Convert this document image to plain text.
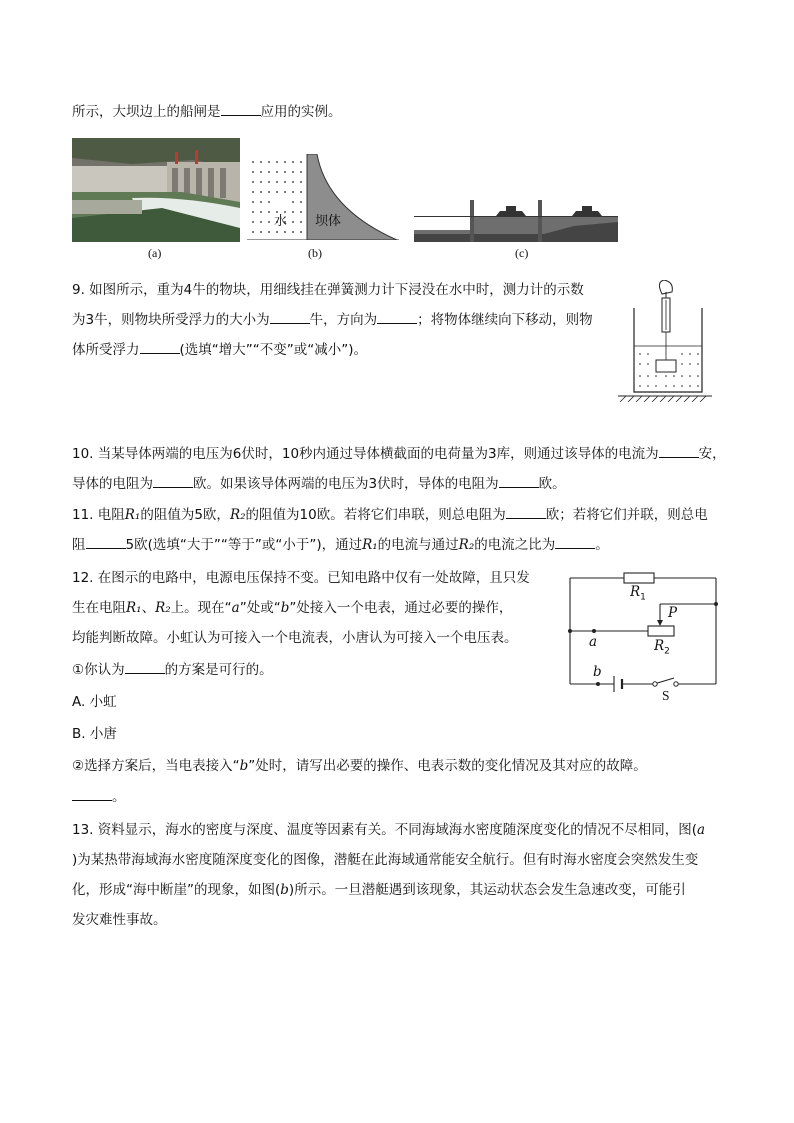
所示，大坝边上的船闸是	应用的实例。
(a)
水 坝体
(b)	(c)
9. 如图所示，重为4牛的物块，用细线挂在弹簧测力计下浸没在水中时，测力计的示数
为3牛，则物块所受浮力的大小为	牛，方向为	；将物体继续向下移动，则物
体所受浮力	(选填“增大”“不变”或“减小”)。
10. 当某导体两端的电压为6伏时，10秒内通过导体横截面的电荷量为3库，则通过该导体的电流为	安，
导体的电阻为	欧。如果该导体两端的电压为3伏时，导体的电阻为	欧。
11. 电阻R₁的阻值为5欧，R₂的阻值为10欧。若将它们串联，则总电阻为	欧；若将它们并联，则总电
阻	5欧(选填“大于”“等于”或“小于”)，通过R₁的电流与通过R₂的电流之比为	。
12. 在图示的电路中，电源电压保持不变。已知电路中仅有一处故障，且只发
生在电阻R₁、R₂上。现在“a”处或“b”处接入一个电表，通过必要的操作，
均能判断故障。小虹认为可接入一个电流表，小唐认为可接入一个电压表。
①你认为	的方案是可行的。
A. 小虹
B. 小唐
②选择方案后，当电表接入“b”处时，请写出必要的操作、电表示数的变化情况及其对应的故障。
。
$R_1$
P
$R_2$
a
b
S
13. 资料显示，海水的密度与深度、温度等因素有关。不同海域海水密度随深度变化的情况不尽相同，图(a
)为某热带海域海水密度随深度变化的图像，潜艇在此海域通常能安全航行。但有时海水密度会突然发生变
化，形成“海中断崖”的现象，如图(b)所示。一旦潜艇遇到该现象，其运动状态会发生急速改变，可能引
发灾难性事故。
